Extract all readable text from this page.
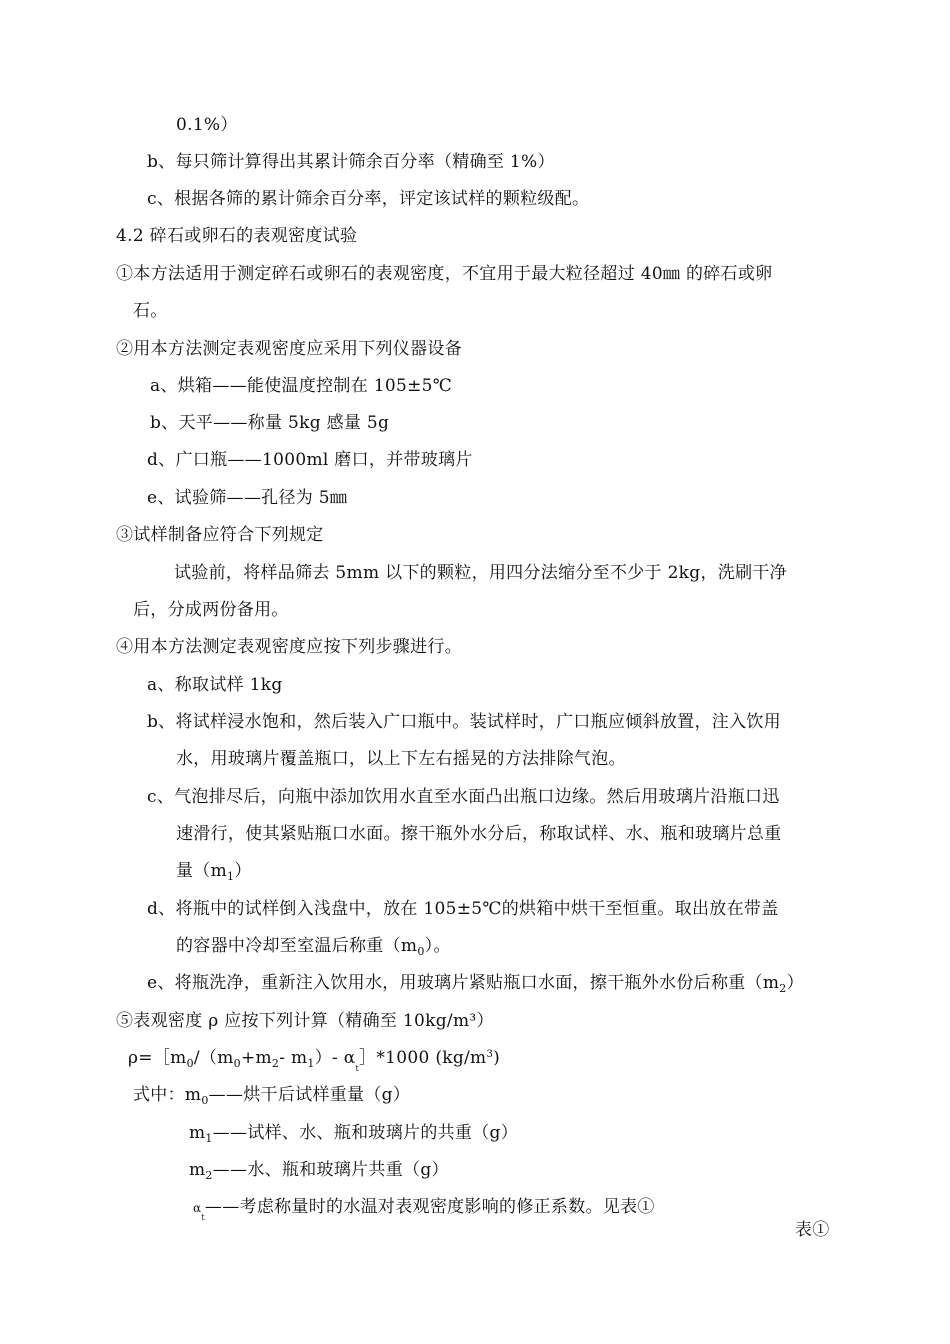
0.1%）
b、每只筛计算得出其累计筛余百分率（精确至 1%）
c、根据各筛的累计筛余百分率，评定该试样的颗粒级配。
4.2 碎石或卵石的表观密度试验
①本方法适用于测定碎石或卵石的表观密度，不宜用于最大粒径超过 40㎜ 的碎石或卵
石。
②用本方法测定表观密度应采用下列仪器设备
a、烘箱——能使温度控制在 105±5℃
b、天平——称量 5kg 感量 5g
d、广口瓶——1000ml 磨口，并带玻璃片
e、试验筛——孔径为 5㎜
③试样制备应符合下列规定
试验前，将样品筛去 5mm 以下的颗粒，用四分法缩分至不少于 2kg，洗刷干净
后，分成两份备用。
④用本方法测定表观密度应按下列步骤进行。
a、称取试样 1kg
b、将试样浸水饱和，然后装入广口瓶中。装试样时，广口瓶应倾斜放置，注入饮用
水，用玻璃片覆盖瓶口，以上下左右摇晃的方法排除气泡。
c、气泡排尽后，向瓶中添加饮用水直至水面凸出瓶口边缘。然后用玻璃片沿瓶口迅
速滑行，使其紧贴瓶口水面。擦干瓶外水分后，称取试样、水、瓶和玻璃片总重
量$(m_1)$
d、将瓶中的试样倒入浅盘中，放在 105±5℃的烘箱中烘干至恒重。取出放在带盖
的容器中冷却至室温后称重$(m_0)$。
e、将瓶洗净，重新注入饮用水，用玻璃片紧贴瓶口水面，擦干瓶外水份后称重$(m_2)$
⑤表观密度 ρ 应按下列计算（精确至 10kg/m³）
$\rho=[m_0/(m_0+m_2-$ $m_1)-$ $\alpha_t]*1000$ $(kg/m^3)$
式中：$m_0——$烘干后试样重量（g）
$m_1——$试样、水、瓶和玻璃片的共重（g）
$m_2——$水、瓶和玻璃片共重（g）
$\alpha_t——$考虑称量时的水温对表观密度影响的修正系数。见表①
表①
